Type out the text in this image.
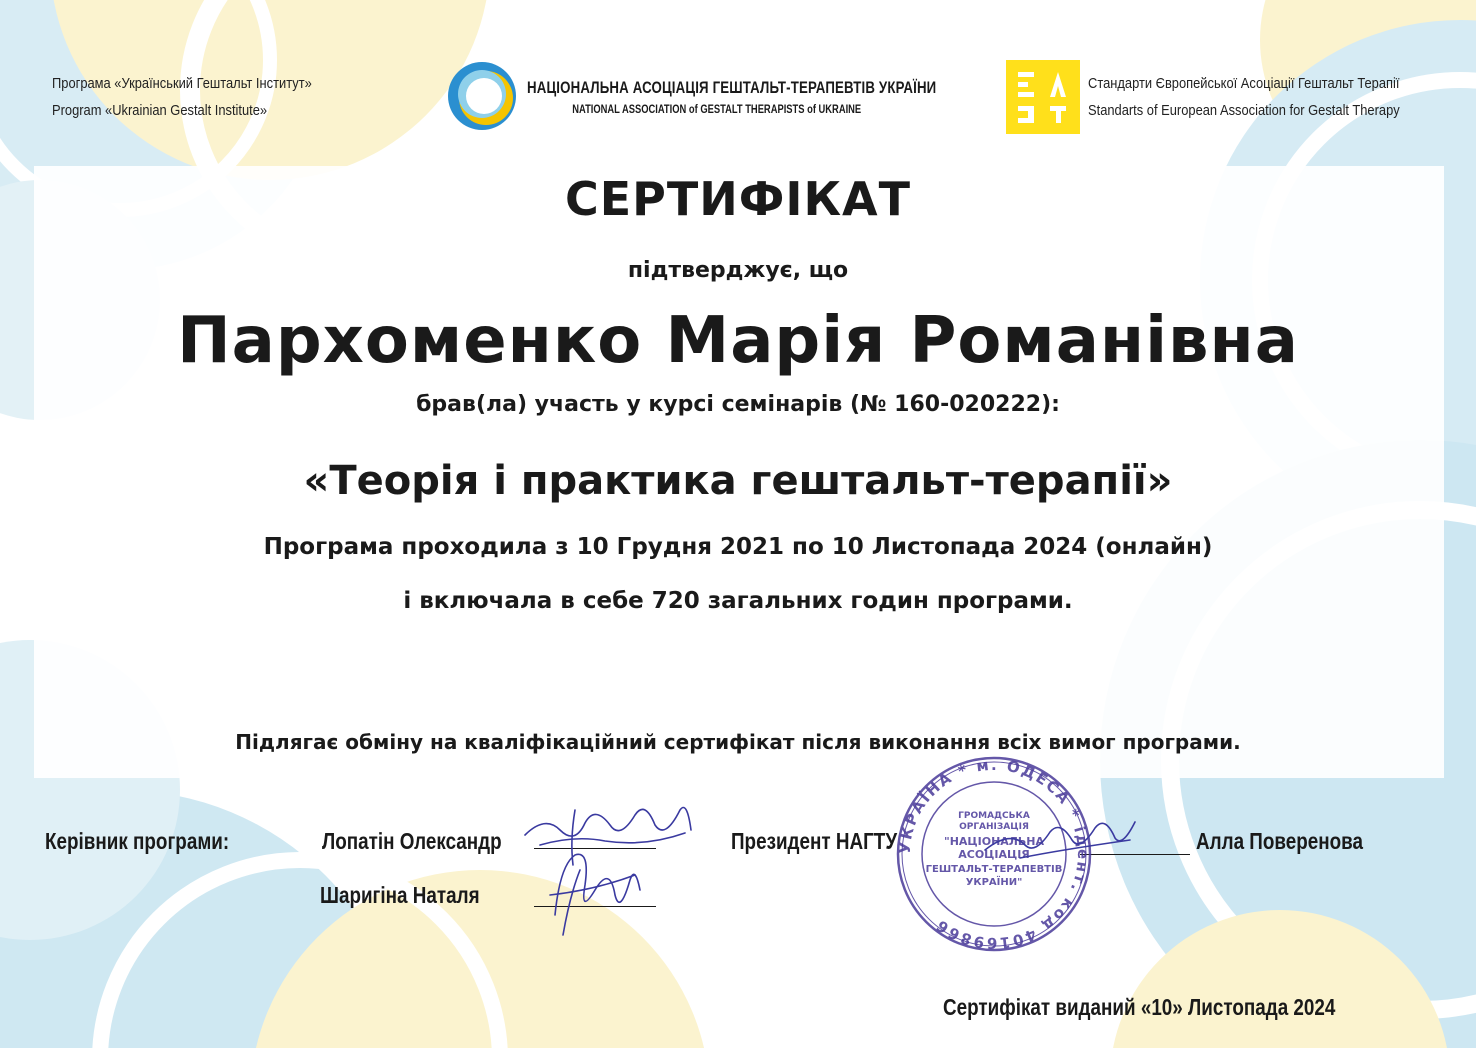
Програма «Український Гештальт Інститут»
Program «Ukrainian Gestalt Institute»
НАЦІОНАЛЬНА АСОЦІАЦІЯ ГЕШТАЛЬТ-ТЕРАПЕВТІВ УКРАЇНИ
NATIONAL ASSOCIATION of GESTALT THERAPISTS of UKRAINE
Стандарти Європейської Асоціації Гештальт Терапії
Standarts of European Association for Gestalt Therapy
СЕРТИФІКАТ
підтверджує, що
Пархоменко Марія Романівна
брав(ла) участь у курсі семінарів (№ 160-020222):
«Теорія і практика гештальт-терапії»
Програма проходила з 10 Грудня 2021 по 10 Листопада 2024 (онлайн)
і включала в себе 720 загальних годин програми.
Підлягає обміну на кваліфікаційний сертифікат після виконання всіх вимог програми.
Керівник програми:	Лопатін Олександр
Шаригіна Наталя
Президент НАГТУ	Алла Поверенова
УКРАЇНА * м. ОДЕСА * ідент. код 40169866
ГРОМАДСЬКА
ОРГАНІЗАЦІЯ
"НАЦІОНАЛЬНА
АСОЦІАЦІЯ
ГЕШТАЛЬТ-ТЕРАПЕВТІВ
УКРАЇНИ"
Сертифікат виданий «10» Листопада 2024
